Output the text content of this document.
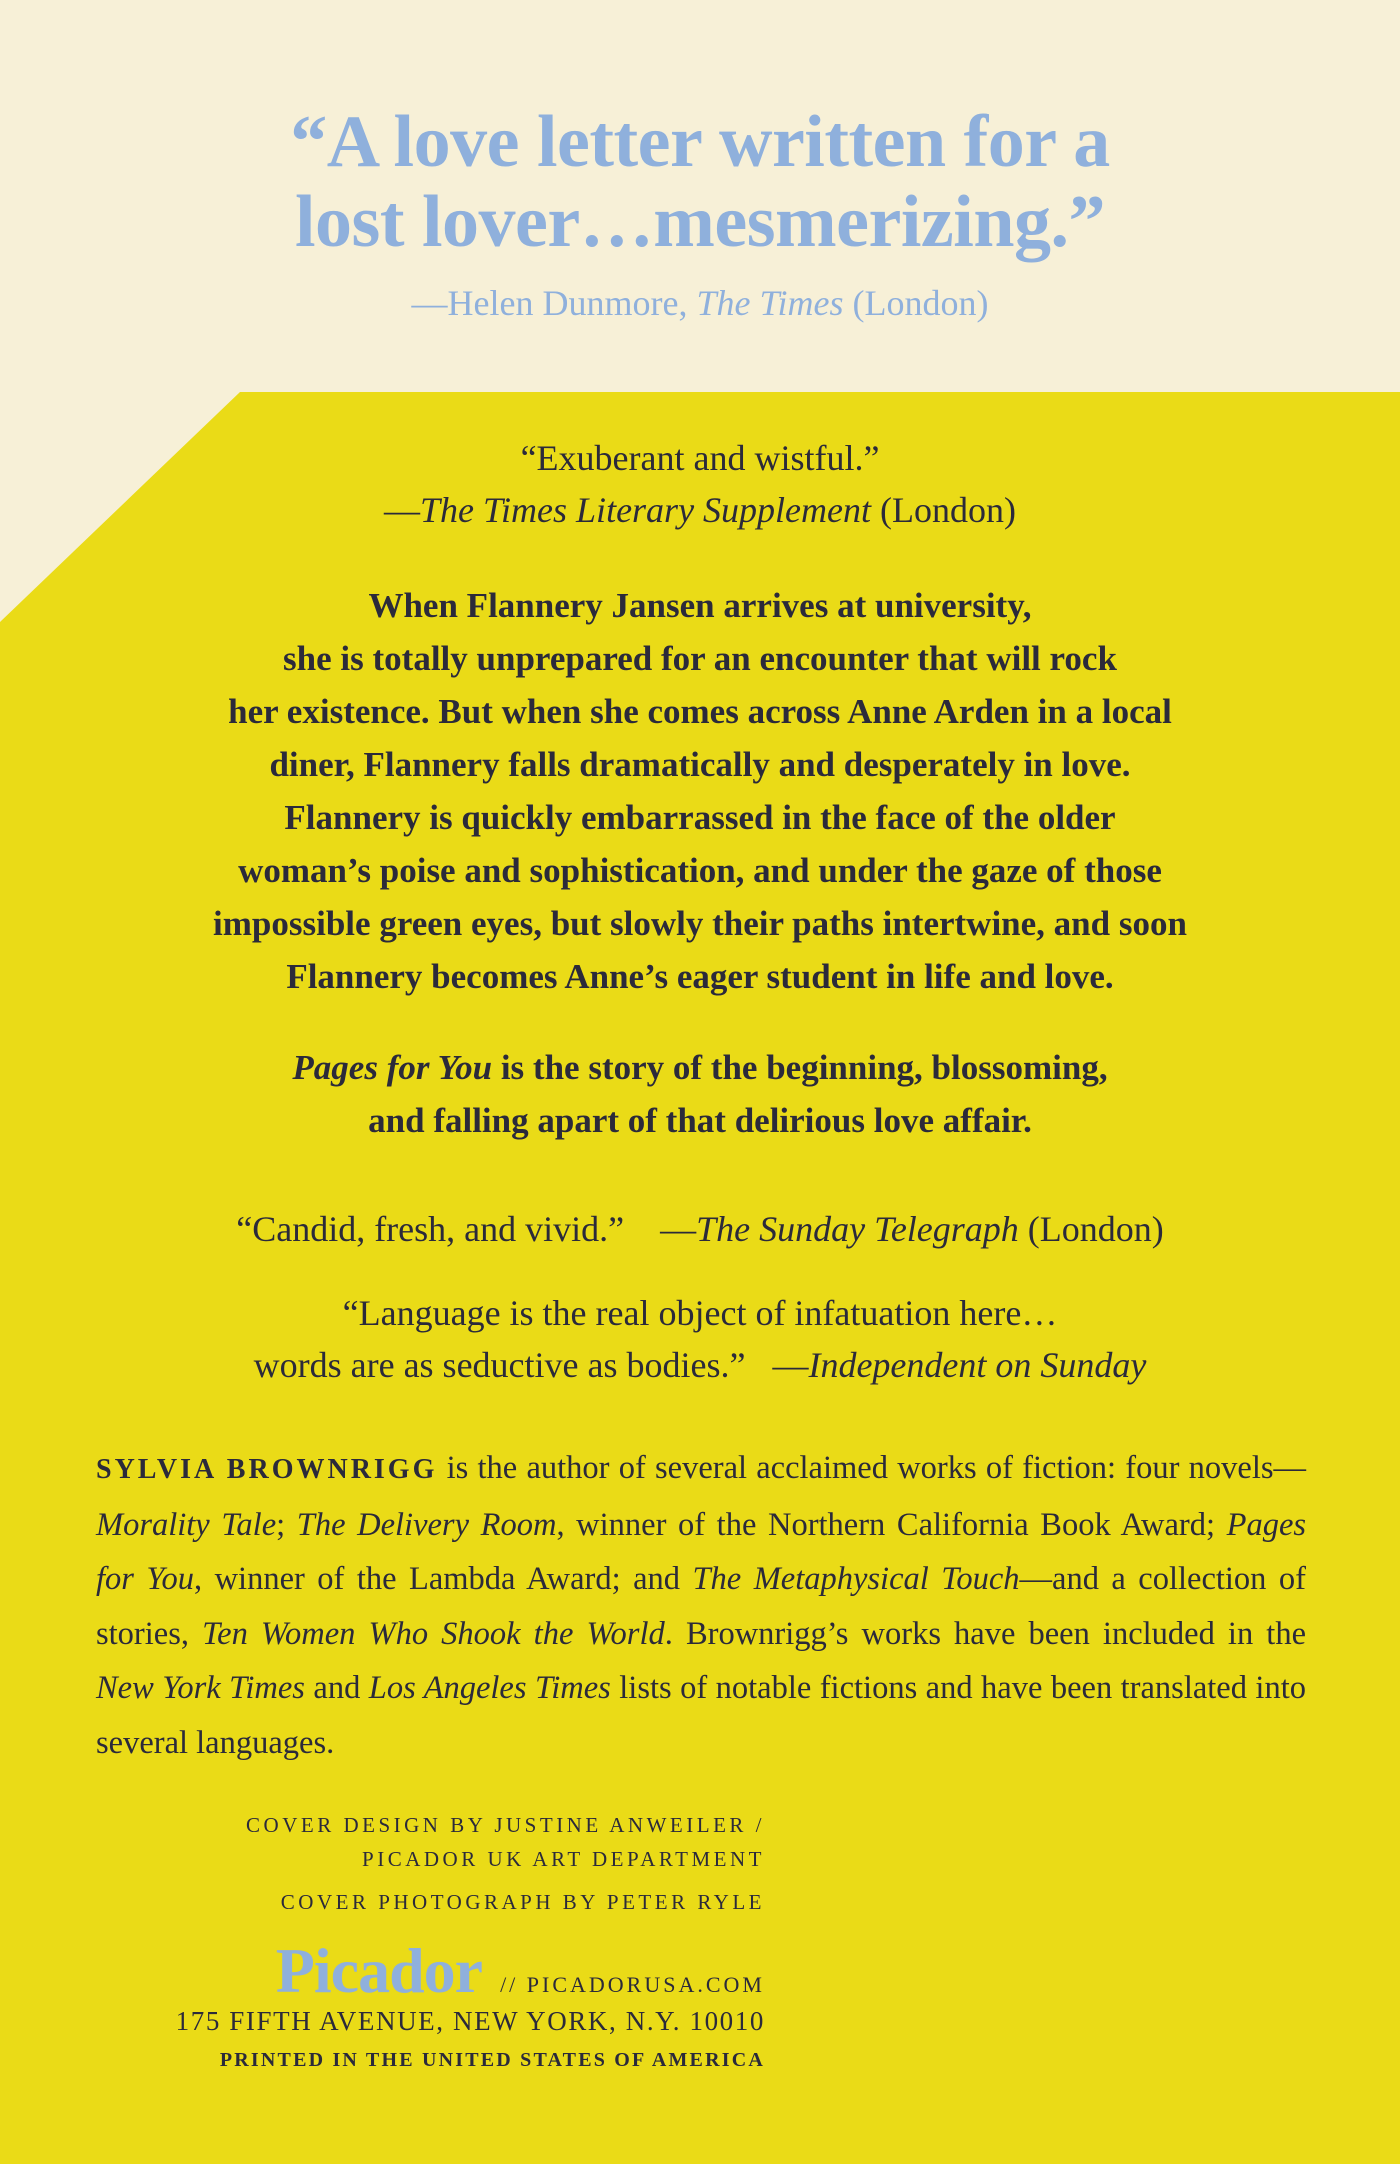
“A love letter written for a
lost lover…mesmerizing.”
—Helen Dunmore, The Times (London)
“Exuberant and wistful.”
—The Times Literary Supplement (London)
When Flannery Jansen arrives at university,
she is totally unprepared for an encounter that will rock
her existence. But when she comes across Anne Arden in a local
diner, Flannery falls dramatically and desperately in love.
Flannery is quickly embarrassed in the face of the older
woman’s poise and sophistication, and under the gaze of those
impossible green eyes, but slowly their paths intertwine, and soon
Flannery becomes Anne’s eager student in life and love.
Pages for You is the story of the beginning, blossoming,
and falling apart of that delirious love affair.
“Candid, fresh, and vivid.” —The Sunday Telegraph (London)
“Language is the real object of infatuation here…
words are as seductive as bodies.” —Independent on Sunday
SYLVIA BROWNRIGG is the author of several acclaimed works of fiction: four novels—Morality Tale; The Delivery Room, winner of the Northern California Book Award; Pages for You, winner of the Lambda Award; and The Metaphysical Touch—and a collection of stories, Ten Women Who Shook the World. Brownrigg’s works have been included in the New York Times and Los Angeles Times lists of notable fictions and have been translated into several languages.
COVER DESIGN BY JUSTINE ANWEILER /
PICADOR UK ART DEPARTMENT
COVER PHOTOGRAPH BY PETER RYLE
Picador // PICADORUSA.COM
175 FIFTH AVENUE, NEW YORK, N.Y. 10010
PRINTED IN THE UNITED STATES OF AMERICA
